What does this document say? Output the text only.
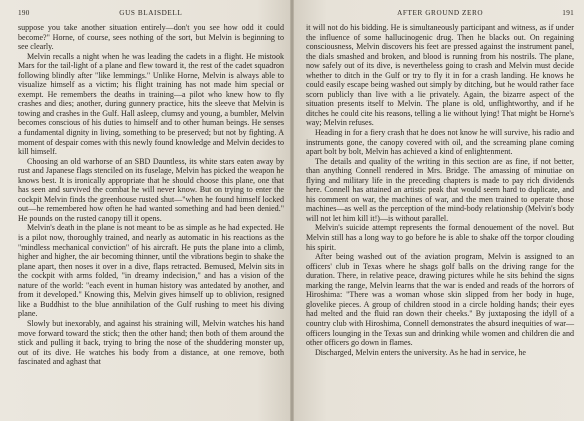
190	GUS BLAISDELL

suppose you take another situation entirely—don't you see how odd it could become?" Horne, of course, sees nothing of the sort, but Melvin is beginning to see clearly.

Melvin recalls a night when he was leading the cadets in a flight. He mistook Mars for the tail-light of a plane and flew toward it, the rest of the cadet squadron following blindly after "like lemmings." Unlike Horne, Melvin is always able to visualize himself as a victim; his flight training has not made him special or exempt. He remembers the deaths in training—a pilot who knew how to fly crashes and dies; another, during gunnery practice, hits the sleeve that Melvin is towing and crashes in the Gulf. Hall asleep, clumsy and young, a bumbler, Melvin becomes conscious of his duties to himself and to other human beings. He senses a fundamental dignity in living, something to be preserved; but not by fighting. A moment of despair comes with this newly found knowledge and Melvin decides to kill himself.

Choosing an old warhorse of an SBD Dauntless, its white stars eaten away by rust and Japanese flags stenciled on its fuselage, Melvin has picked the weapon he knows best. It is ironically appropriate that he should choose this plane, one that has seen and survived the combat he will never know. But on trying to enter the cockpit Melvin finds the greenhouse rusted shut—"when he found himself locked out—he remembered how often he had wanted something and had been denied." He pounds on the rusted canopy till it opens.

Melvin's death in the plane is not meant to be as simple as he had expected. He is a pilot now, thoroughly trained, and nearly as automatic in his reactions as the "mindless mechanical conviction" of his aircraft. He puts the plane into a climb, higher and higher, the air becoming thinner, until the vibrations begin to shake the plane apart, then noses it over in a dive, flaps retracted. Bemused, Melvin sits in the cockpit with arms folded, "in dreamy indecision," and has a vision of the nature of the world: "each event in human history was antedated by another, and from it developed." Knowing this, Melvin gives himself up to oblivion, resigned like a Buddhist to the blue annihilation of the Gulf rushing to meet his diving plane.

Slowly but inexorably, and against his straining will, Melvin watches his hand move forward toward the stick; then the other hand; then both of them around the stick and pulling it back, trying to bring the nose of the shuddering monster up, out of its dive. He watches his body from a distance, at one remove, both fascinated and aghast that

AFTER GROUND ZERO	191

it will not do his bidding. He is simultaneously participant and witness, as if under the influence of some hallucinogenic drug. Then he blacks out. On regaining consciousness, Melvin discovers his feet are pressed against the instrument panel, the dials smashed and broken, and blood is running from his nostrils. The plane, now safely out of its dive, is nevertheless going to crash and Melvin must decide whether to ditch in the Gulf or try to fly it in for a crash landing. He knows he could easily escape being washed out simply by ditching, but he would rather face scorn publicly than live with a lie privately. Again, the bizarre aspect of the situation presents itself to Melvin. The plane is old, unflightworthy, and if he ditches he could cite his reasons, telling a lie without lying! That might be Horne's way; Melvin refuses.

Heading in for a fiery crash that he does not know he will survive, his radio and instruments gone, the canopy covered with oil, and the screaming plane coming apart bolt by bolt, Melvin has achieved a kind of enlightenment.

The details and quality of the writing in this section are as fine, if not better, than anything Connell rendered in Mrs. Bridge. The amassing of minutiae on flying and military life in the preceding chapters is made to pay rich dividends here. Connell has attained an artistic peak that would seem hard to duplicate, and his comment on war, the machines of war, and the men trained to operate those machines—as well as the perception of the mind-body relationship (Melvin's body will not let him kill it!)—is without parallel.

Melvin's suicide attempt represents the formal denouement of the novel. But Melvin still has a long way to go before he is able to shake off the torpor clouding his spirit.

After being washed out of the aviation program, Melvin is assigned to an officers' club in Texas where he shags golf balls on the driving range for the duration. There, in relative peace, drawing pictures while he sits behind the signs marking the range, Melvin learns that the war is ended and reads of the horrors of Hiroshima: "There was a woman whose skin slipped from her body in huge, glovelike pieces. A group of children stood in a circle holding hands; their eyes had melted and the fluid ran down their cheeks." By juxtaposing the idyll of a country club with Hiroshima, Connell demonstrates the absurd inequities of war—officers lounging in the Texas sun and drinking while women and children die and other officers go down in flames.

Discharged, Melvin enters the university. As he had in service, he
